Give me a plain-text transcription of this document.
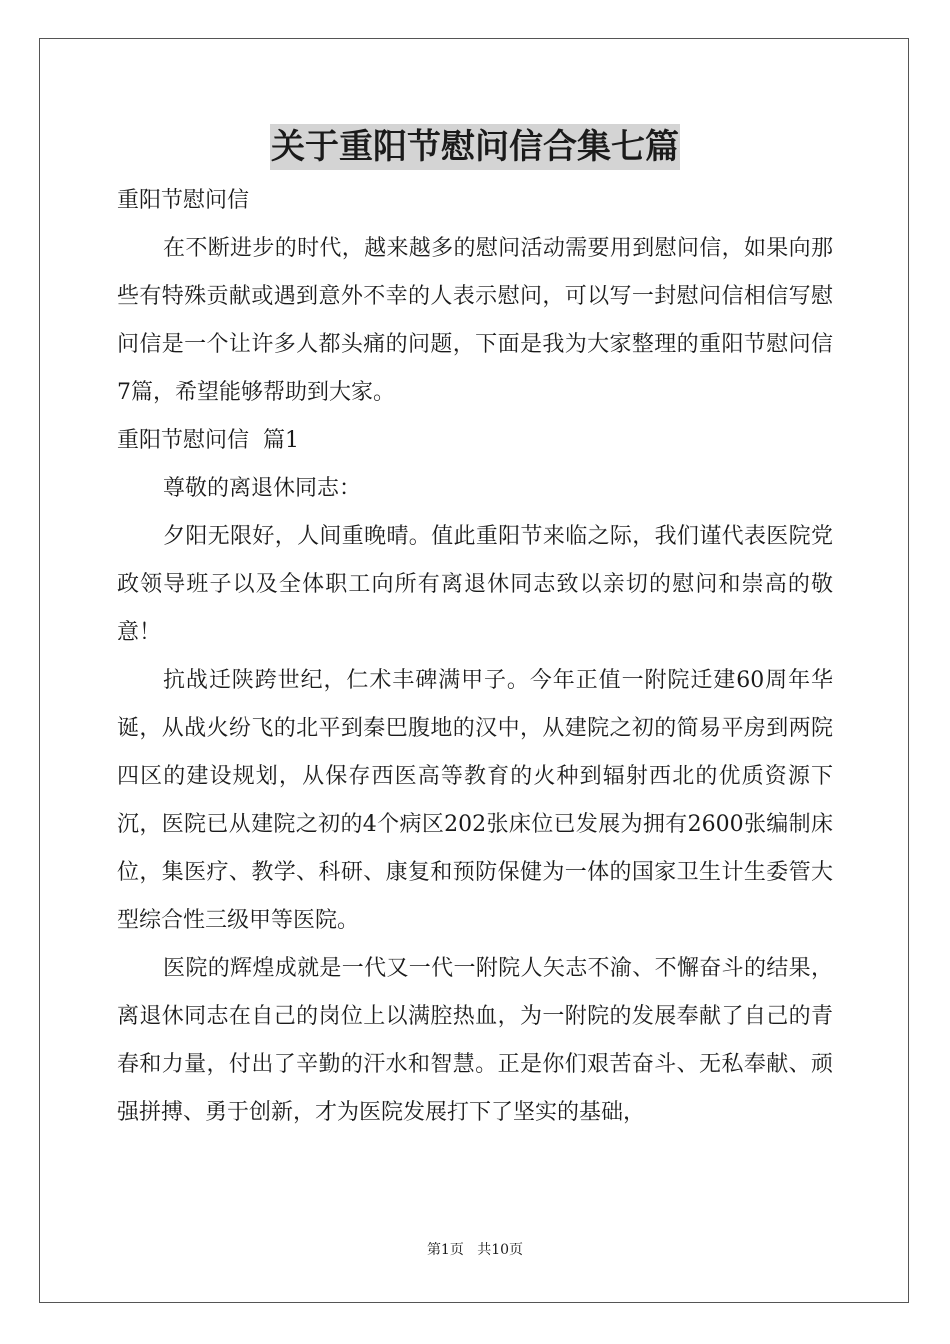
关于重阳节慰问信合集七篇

重阳节慰问信

在不断进步的时代，越来越多的慰问活动需要用到慰问信，如果向那些有特殊贡献或遇到意外不幸的人表示慰问，可以写一封慰问信相信写慰问信是一个让许多人都头痛的问题，下面是我为大家整理的重阳节慰问信7篇，希望能够帮助到大家。

重阳节慰问信  篇1

尊敬的离退休同志：

夕阳无限好，人间重晚晴。值此重阳节来临之际，我们谨代表医院党政领导班子以及全体职工向所有离退休同志致以亲切的慰问和崇高的敬意！

抗战迁陕跨世纪，仁术丰碑满甲子。今年正值一附院迁建60周年华诞，从战火纷飞的北平到秦巴腹地的汉中，从建院之初的简易平房到两院四区的建设规划，从保存西医高等教育的火种到辐射西北的优质资源下沉，医院已从建院之初的4个病区202张床位已发展为拥有2600张编制床位，集医疗、教学、科研、康复和预防保健为一体的国家卫生计生委管大型综合性三级甲等医院。

医院的辉煌成就是一代又一代一附院人矢志不渝、不懈奋斗的结果，离退休同志在自己的岗位上以满腔热血，为一附院的发展奉献了自己的青春和力量，付出了辛勤的汗水和智慧。正是你们艰苦奋斗、无私奉献、顽强拼搏、勇于创新，才为医院发展打下了坚实的基础，

第1页 共10页
